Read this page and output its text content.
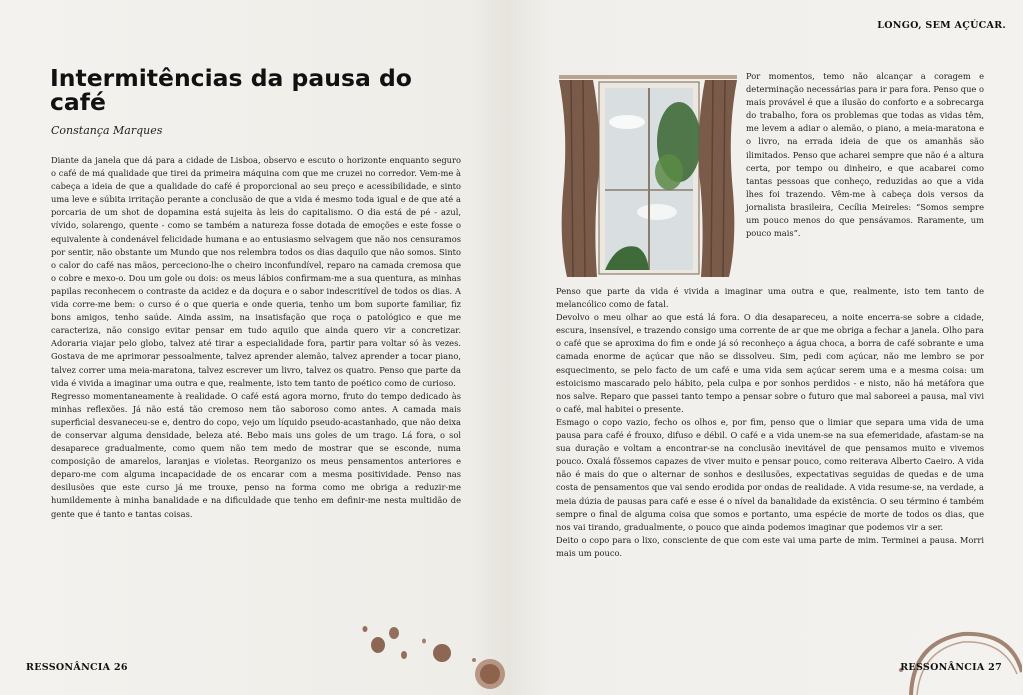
Intermitências da pausa do café
Constança Marques

Diante da janela que dá para a cidade de Lisboa, observo e escuto o horizonte enquanto seguro o café de má qualidade que tirei da primeira máquina com que me cruzei no corredor. Vem-me à cabeça a ideia de que a qualidade do café é proporcional ao seu preço e acessibilidade, e sinto uma leve e súbita irritação perante a conclusão de que a vida é mesmo toda igual e de que até a porcaria de um shot de dopamina está sujeita às leis do capitalismo. O dia está de pé - azul, vívido, solarengo, quente - como se também a natureza fosse dotada de emoções e este fosse o equivalente à condenável felicidade humana e ao entusiasmo selvagem que não nos censuramos por sentir, não obstante um Mundo que nos relembra todos os dias daquilo que não somos. Sinto o calor do café nas mãos, perceciono-lhe o cheiro inconfundível, reparo na camada cremosa que o cobre e mexo-o. Dou um gole ou dois: os meus lábios confirmam-me a sua quentura, as minhas papilas reconhecem o contraste da acidez e da doçura e o sabor indescritível de todos os dias. A vida corre-me bem: o curso é o que queria e onde queria, tenho um bom suporte familiar, fiz bons amigos, tenho saúde. Ainda assim, na insatisfação que roça o patológico e que me caracteriza, não consigo evitar pensar em tudo aquilo que ainda quero vir a concretizar. Adoraria viajar pelo globo, talvez até tirar a especialidade fora, partir para voltar só às vezes. Gostava de me aprimorar pessoalmente, talvez aprender alemão, talvez aprender a tocar piano, talvez correr uma meia-maratona, talvez escrever um livro, talvez os quatro. Penso que parte da vida é vivida a imaginar uma outra e que, realmente, isto tem tanto de poético como de curioso.

Regresso momentaneamente à realidade. O café está agora morno, fruto do tempo dedicado às minhas reflexões. Já não está tão cremoso nem tão saboroso como antes. A camada mais superficial desvaneceu-se e, dentro do copo, vejo um líquido pseudo-acastanhado, que não deixa de conservar alguma densidade, beleza até. Bebo mais uns goles de um trago. Lá fora, o sol desaparece gradualmente, como quem não tem medo de mostrar que se esconde, numa composição de amarelos, laranjas e violetas. Reorganizo os meus pensamentos anteriores e deparo-me com alguma incapacidade de os encarar com a mesma positividade. Penso nas desilusões que este curso já me trouxe, penso na forma como me obriga a reduzir-me humildemente à minha banalidade e na dificuldade que tenho em definir-me nesta multidão de gente que é tanto e tantas coisas.

RESSONÂNCIA 26
LONGO, SEM AÇÚCAR.
Por momentos, temo não alcançar a coragem e determinação necessárias para ir para fora. Penso que o mais provável é que a ilusão do conforto e a sobrecarga do trabalho, fora os problemas que todas as vidas têm, me levem a adiar o alemão, o piano, a meia-maratona e o livro, na errada ideia de que os amanhãs são ilimitados. Penso que acharei sempre que não é a altura certa, por tempo ou dinheiro, e que acabarei como tantas pessoas que conheço, reduzidas ao que a vida lhes foi trazendo. Vêm-me à cabeça dois versos da jornalista brasileira, Cecília Meireles: “Somos sempre um pouco menos do que pensávamos. Raramente, um pouco mais”.

Penso que parte da vida é vivida a imaginar uma outra e que, realmente, isto tem tanto de melancólico como de fatal.

Devolvo o meu olhar ao que está lá fora. O dia desapareceu, a noite encerra-se sobre a cidade, escura, insensível, e trazendo consigo uma corrente de ar que me obriga a fechar a janela. Olho para o café que se aproxima do fim e onde já só reconheço a água choca, a borra de café sobrante e uma camada enorme de açúcar que não se dissolveu. Sim, pedi com açúcar, não me lembro se por esquecimento, se pelo facto de um café e uma vida sem açúcar serem uma e a mesma coisa: um estoicismo mascarado pelo hábito, pela culpa e por sonhos perdidos - e nisto, não há metáfora que nos salve. Reparo que passei tanto tempo a pensar sobre o futuro que mal saboreei a pausa, mal vivi o café, mal habitei o presente.

Esmago o copo vazio, fecho os olhos e, por fim, penso que o limiar que separa uma vida de uma pausa para café é frouxo, difuso e débil. O café e a vida unem-se na sua efemeridade, afastam-se na sua duração e voltam a encontrar-se na conclusão inevitável de que pensamos muito e vivemos pouco. Oxalá fôssemos capazes de viver muito e pensar pouco, como reiterava Alberto Caeiro. A vida não é mais do que o alternar de sonhos e desilusões, expectativas seguidas de quedas e de uma costa de pensamentos que vai sendo erodida por ondas de realidade. A vida resume-se, na verdade, a meia dúzia de pausas para café e esse é o nível da banalidade da existência. O seu término é também sempre o final de alguma coisa que somos e portanto, uma espécie de morte de todos os dias, que nos vai tirando, gradualmente, o pouco que ainda podemos imaginar que podemos vir a ser.

Deito o copo para o lixo, consciente de que com este vai uma parte de mim. Terminei a pausa. Morri mais um pouco.

RESSONÂNCIA 27
